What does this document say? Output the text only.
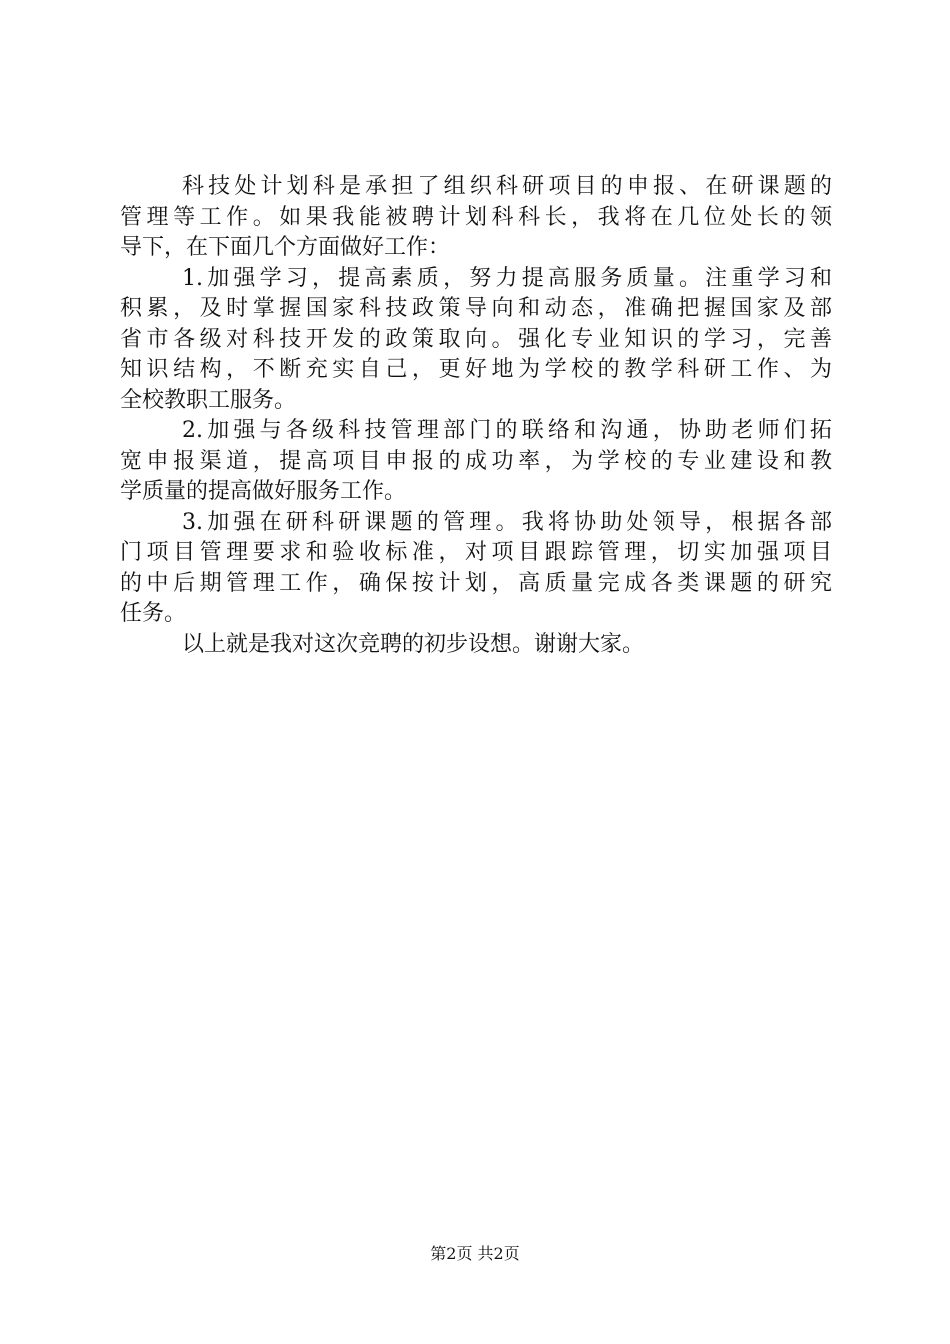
科技处计划科是承担了组织科研项目的申报、在研课题的
管理等工作。如果我能被聘计划科科长，我将在几位处长的领
导下，在下面几个方面做好工作：
1.加强学习，提高素质，努力提高服务质量。注重学习和
积累，及时掌握国家科技政策导向和动态，准确把握国家及部
省市各级对科技开发的政策取向。强化专业知识的学习，完善
知识结构，不断充实自己，更好地为学校的教学科研工作、为
全校教职工服务。
2.加强与各级科技管理部门的联络和沟通，协助老师们拓
宽申报渠道，提高项目申报的成功率，为学校的专业建设和教
学质量的提高做好服务工作。
3.加强在研科研课题的管理。我将协助处领导，根据各部
门项目管理要求和验收标准，对项目跟踪管理，切实加强项目
的中后期管理工作，确保按计划，高质量完成各类课题的研究
任务。
以上就是我对这次竞聘的初步设想。谢谢大家。
第2页 共2页
